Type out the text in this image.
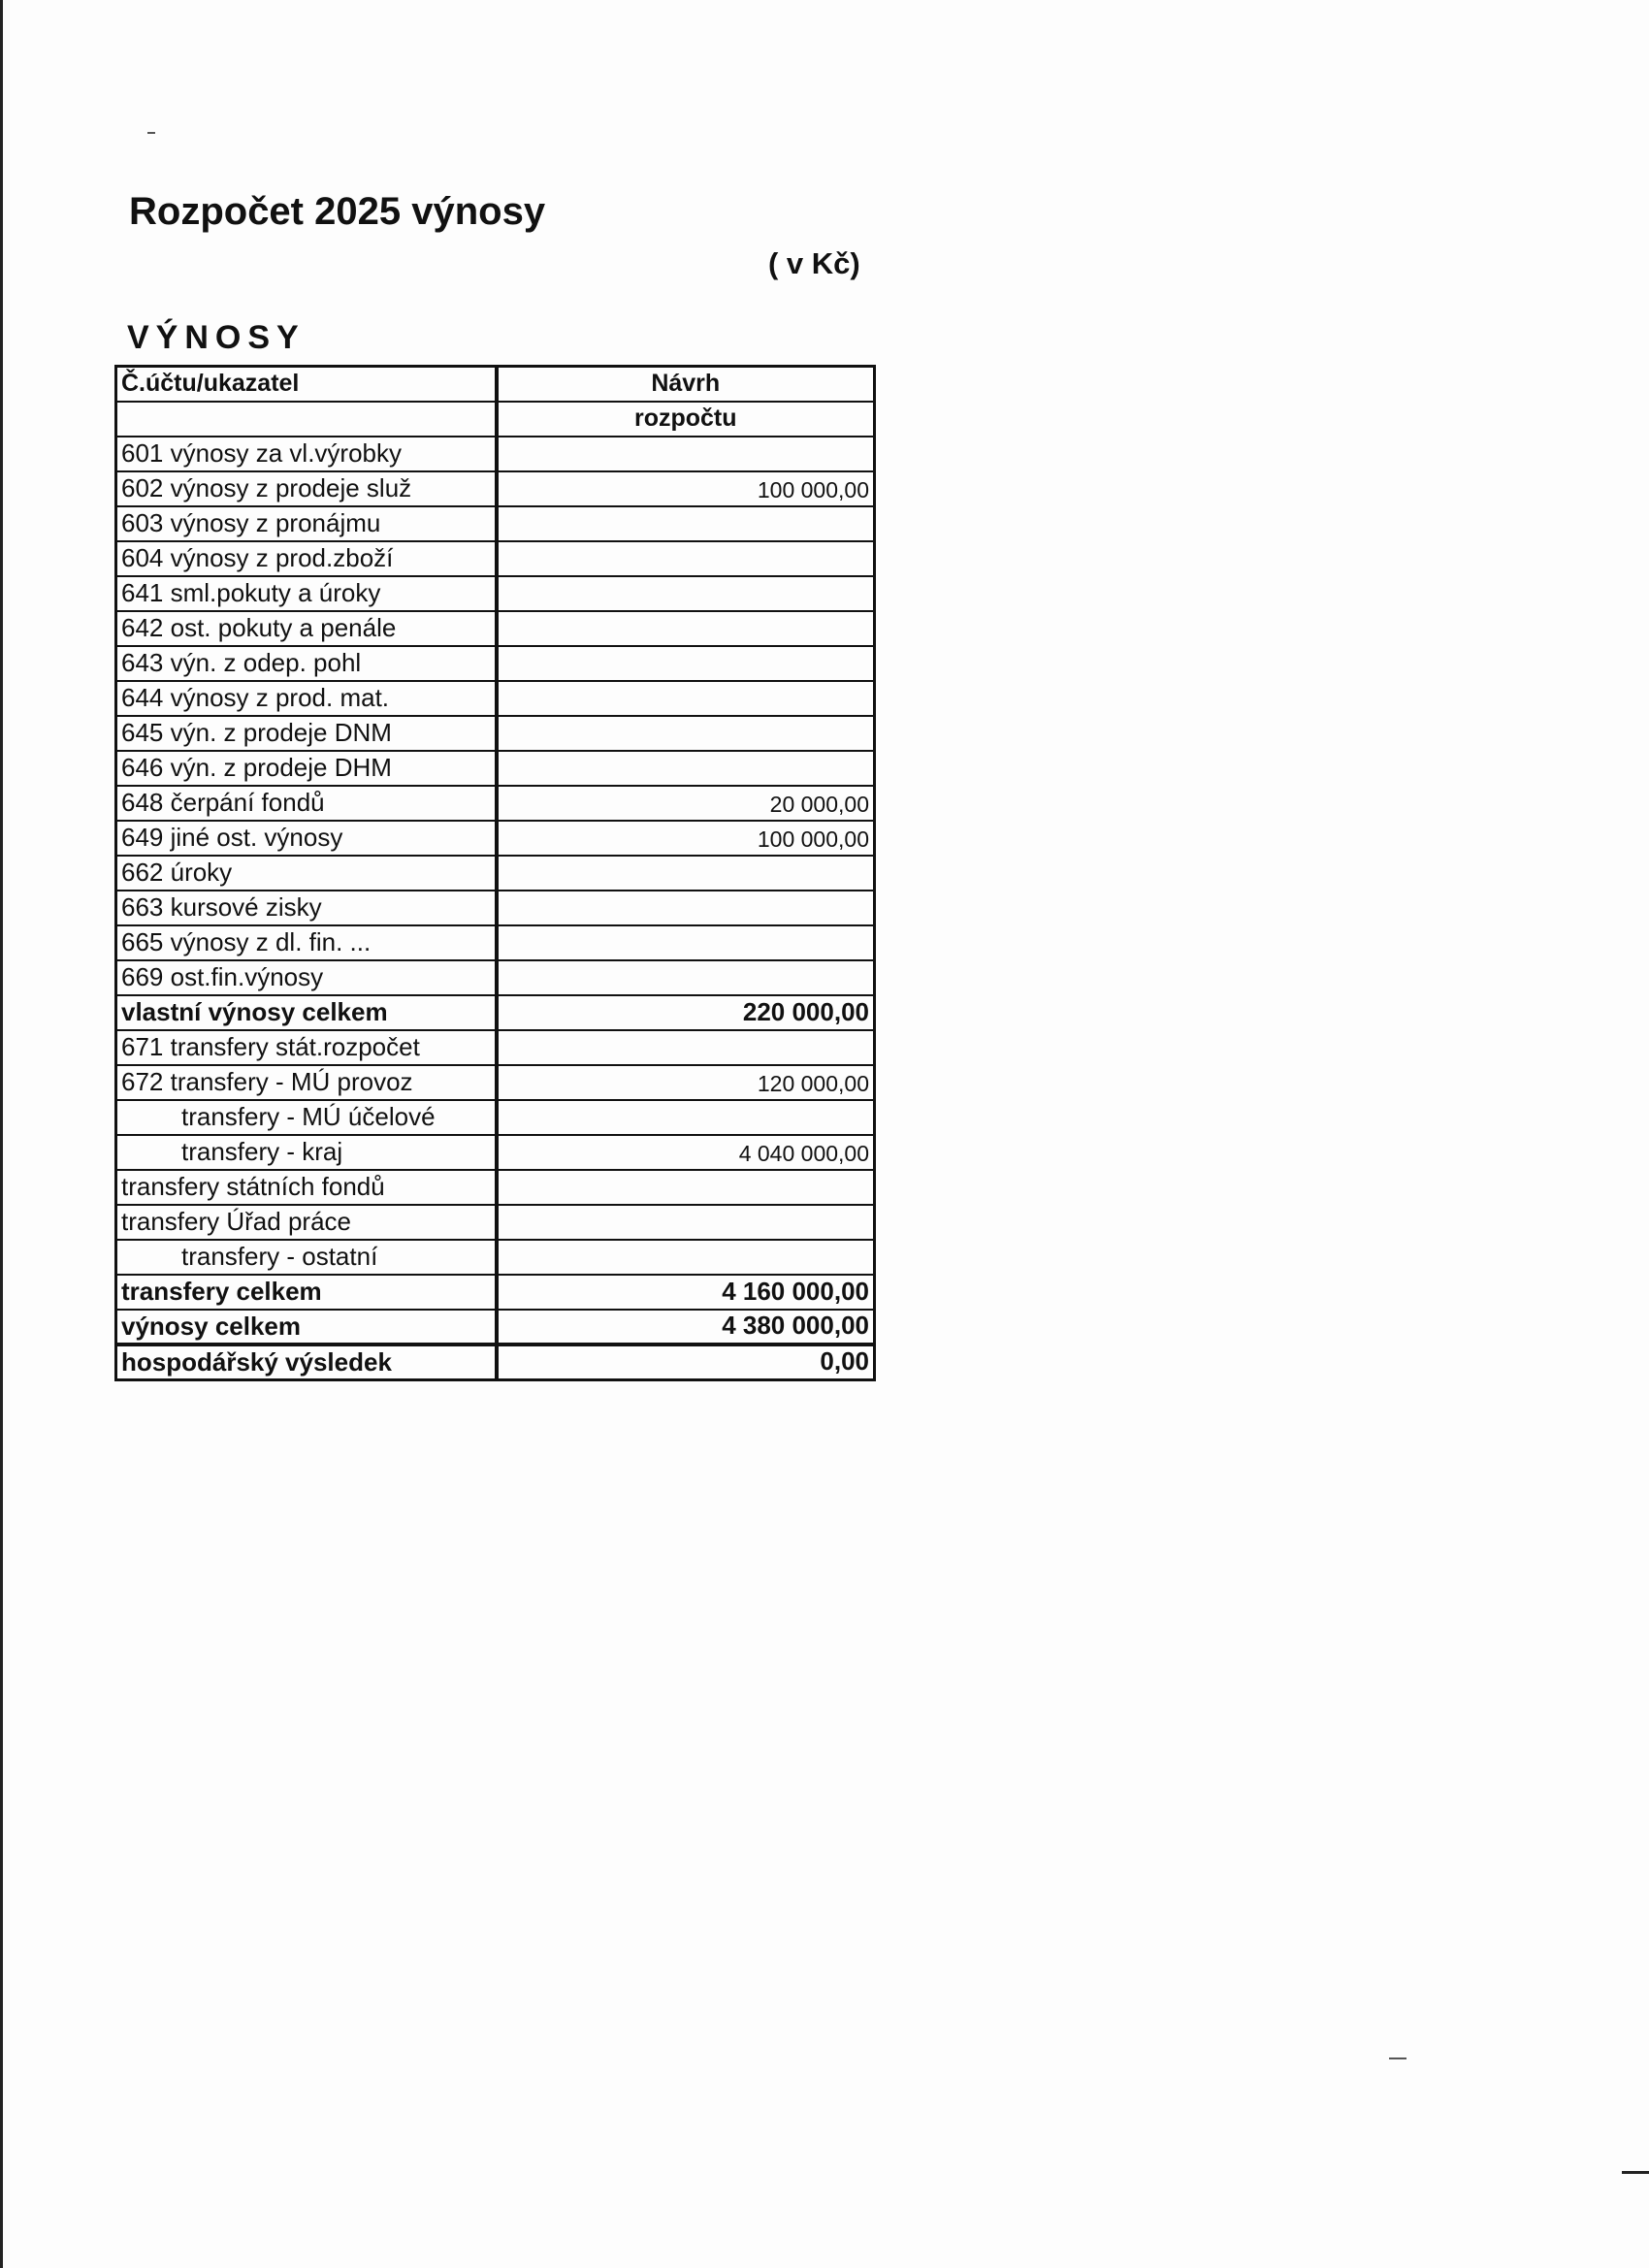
Rozpočet 2025 výnosy
( v Kč)
VÝNOSY
Č.účtu/ukazatel	Návrh
	rozpočtu
601 výnosy za vl.výrobky	
602 výnosy z prodeje služ	100 000,00
603 výnosy z pronájmu	
604 výnosy z prod.zboží	
641 sml.pokuty a úroky	
642 ost. pokuty a penále	
643 výn. z odep. pohl	
644 výnosy z prod. mat.	
645 výn. z prodeje DNM	
646 výn. z prodeje DHM	
648 čerpání fondů	20 000,00
649 jiné ost. výnosy	100 000,00
662 úroky	
663 kursové zisky	
665 výnosy z dl. fin. ...	
669 ost.fin.výnosy	
vlastní výnosy celkem	220 000,00
671 transfery stát.rozpočet	
672 transfery - MÚ provoz	120 000,00
transfery - MÚ účelové	
transfery - kraj	4 040 000,00
transfery státních fondů	
transfery Úřad práce	
transfery - ostatní	
transfery celkem	4 160 000,00
výnosy celkem	4 380 000,00
hospodářský výsledek	0,00
